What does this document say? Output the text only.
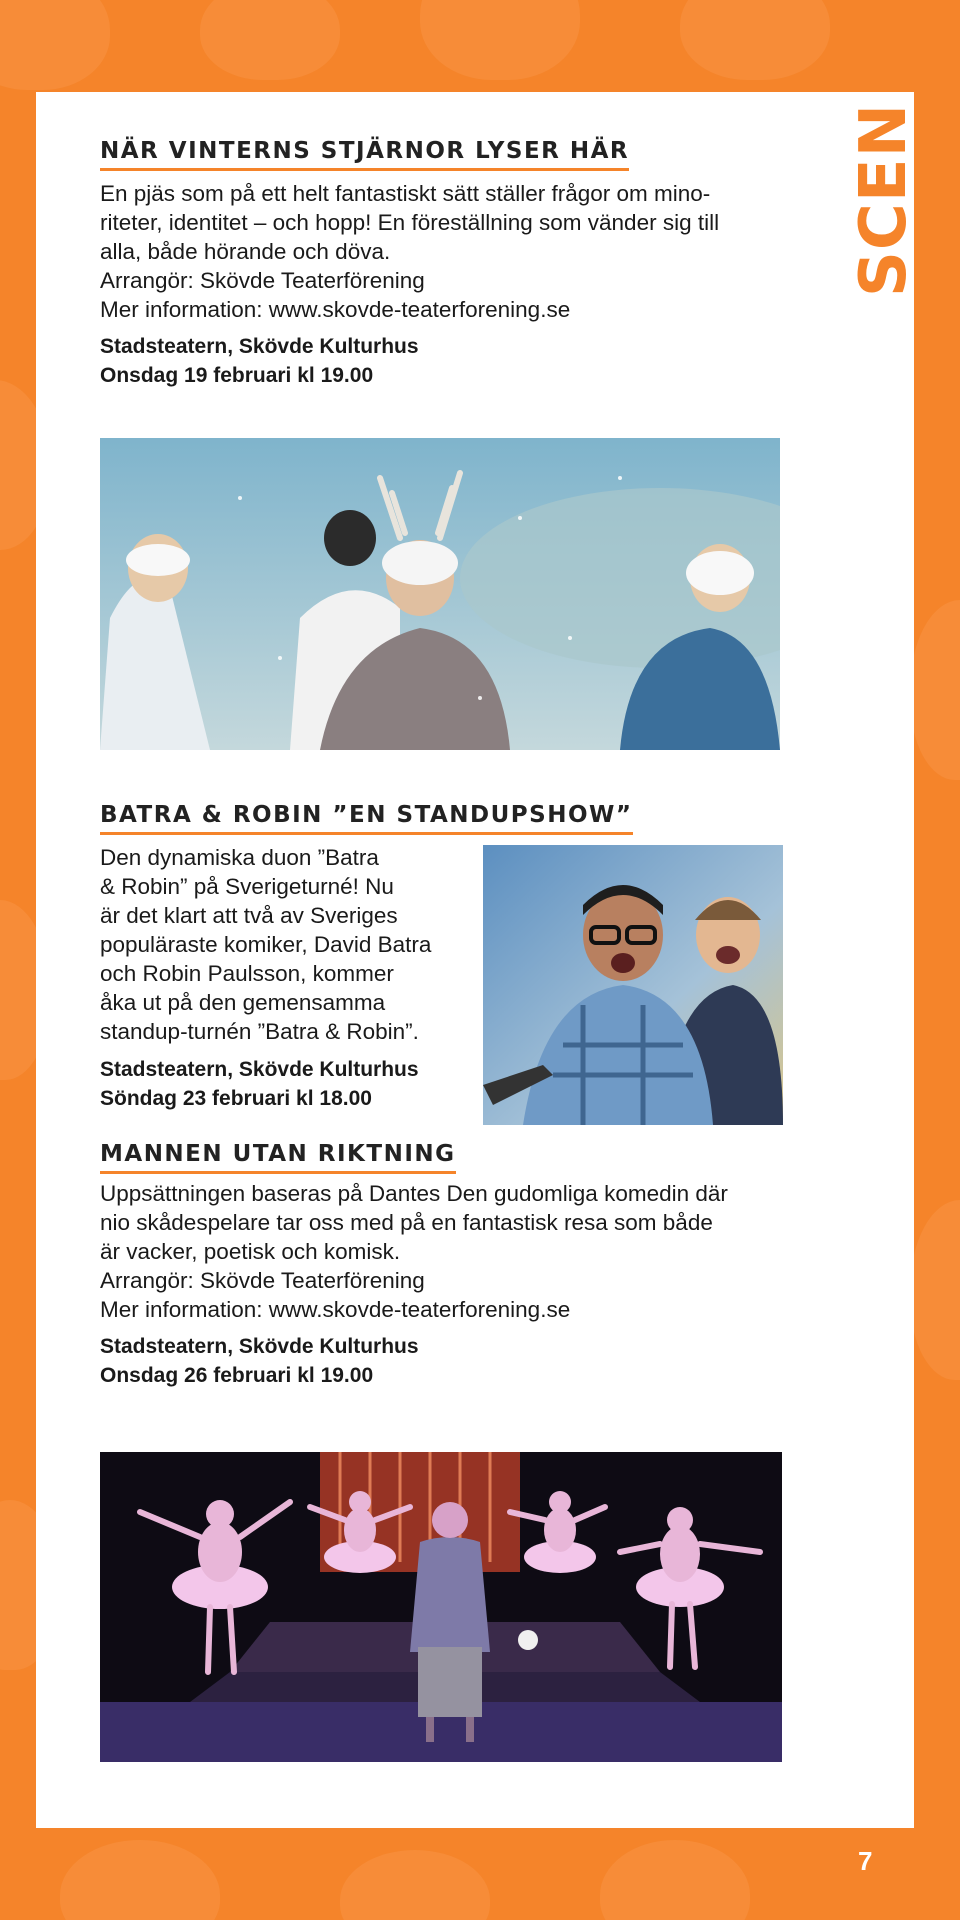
SCEN
NÄR VINTERNS STJÄRNOR LYSER HÄR
En pjäs som på ett helt fantastiskt sätt ställer frågor om mino-
riteter, identitet – och hopp! En föreställning som vänder sig till
alla, både hörande och döva.
Arrangör: Skövde Teaterförening
Mer information: www.skovde-teaterforening.se
Stadsteatern, Skövde Kulturhus
Onsdag 19 februari kl 19.00
BATRA & ROBIN ”EN STANDUPSHOW”
Den dynamiska duon ”Batra
& Robin” på Sverigeturné! Nu
är det klart att två av Sveriges
populäraste komiker, David Batra
och Robin Paulsson, kommer
åka ut på den gemensamma
standup-turnén ”Batra & Robin”.
Stadsteatern, Skövde Kulturhus
Söndag 23 februari kl 18.00
MANNEN UTAN RIKTNING
Uppsättningen baseras på Dantes Den gudomliga komedin där
nio skådespelare tar oss med på en fantastisk resa som både
är vacker, poetisk och komisk.
Arrangör: Skövde Teaterförening
Mer information: www.skovde-teaterforening.se
Stadsteatern, Skövde Kulturhus
Onsdag 26 februari kl 19.00
7
